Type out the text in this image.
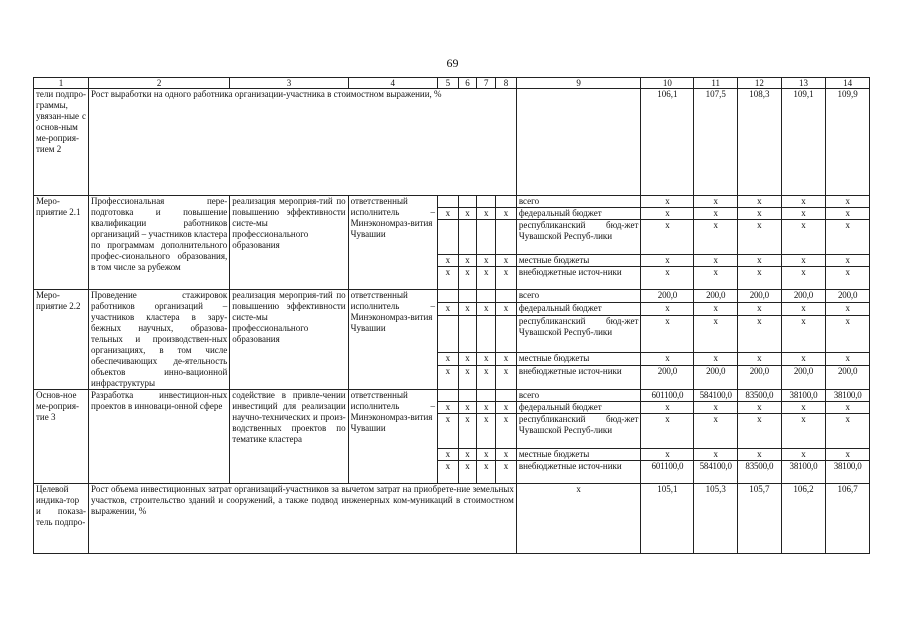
69
1	2	3	4	5	6	7	8	9	10	11	12	13	14
тели подпро-граммы, увязан-ные с основ-ным ме-роприя-тием 2	Рост выработки на одного работника организации-участника в стоимостном выражении, %								106,1	107,5	108,3	109,1	109,9
Меро-приятие 2.1	Профессиональная пере-подготовка и повышение квалификации работников организаций – участников кластера по программам дополнительного профес-сионального образования, в том числе за рубежом	реализация мероприя-тий по повышению эффективности систе-мы профессионального образования	ответственный исполнитель – Минэкономраз-вития Чувашии					всего	x	x	x	x	x
				x	x	x	x	федеральный бюджет	x	x	x	x	x
								республиканский бюд-жет Чувашской Респуб-лики	x	x	x	x	x
				x	x	x	x	местные бюджеты	x	x	x	x	x
				x	x	x	x	внебюджетные источ-ники	x	x	x	x	x
Меро-приятие 2.2	Проведение стажировок работников организаций – участников кластера в зару-бежных научных, образова-тельных и производствен-ных организациях, в том числе обеспечивающих де-ятельность объектов инно-вационной инфраструктуры	реализация мероприя-тий по повышению эффективности систе-мы профессионального образования	ответственный исполнитель – Минэкономраз-вития Чувашии					всего	200,0	200,0	200,0	200,0	200,0
				x	x	x	x	федеральный бюджет	x	x	x	x	x
								республиканский бюд-жет Чувашской Респуб-лики	x	x	x	x	x
				x	x	x	x	местные бюджеты	x	x	x	x	x
				x	x	x	x	внебюджетные источ-ники	200,0	200,0	200,0	200,0	200,0
Основ-ное ме-роприя-тие 3	Разработка инвестицион-ных проектов в инноваци-онной сфере	содействие в привле-чении инвестиций для реализации научно-технических и произ-водственных проектов по тематике кластера	ответственный исполнитель – Минэкономраз-вития Чувашии					всего	601100,0	584100,0	83500,0	38100,0	38100,0
				x	x	x	x	федеральный бюджет	x	x	x	x	x
				x	x	x	x	республиканский бюд-жет Чувашской Респуб-лики	x	x	x	x	x
				x	x	x	x	местные бюджеты	x	x	x	x	x
				x	x	x	x	внебюджетные источ-ники	601100,0	584100,0	83500,0	38100,0	38100,0
Целевой индика-тор и показа-тель подпро-	Рост объема инвестиционных затрат организаций-участников за вычетом затрат на приобрете-ние земельных участков, строительство зданий и сооружений, а также подвод инженерных ком-муникаций в стоимостном выражении, %							x	105,1	105,3	105,7	106,2	106,7
